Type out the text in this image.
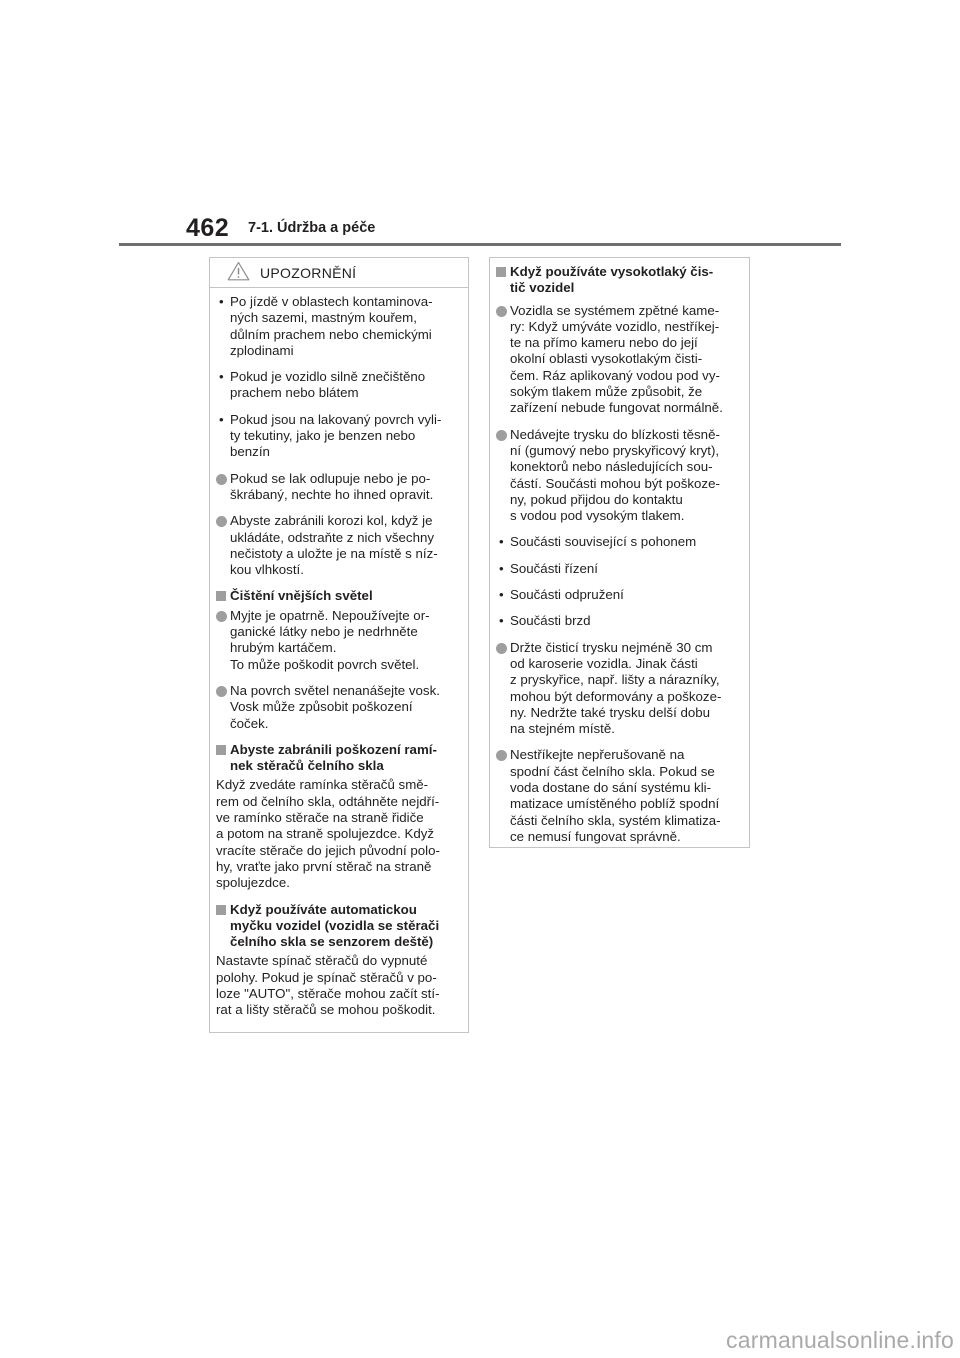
462 7-1. Údržba a péče
UPOZORNĚNÍ

• Po jízdě v oblastech kontaminova-

ných sazemi, mastným kouřem,

důlním prachem nebo chemickými

zplodinami

• Pokud je vozidlo silně znečištěno

prachem nebo blátem

• Pokud jsou na lakovaný povrch vyli-

ty tekutiny, jako je benzen nebo

benzín

Pokud se lak odlupuje nebo je po-

škrábaný, nechte ho ihned opravit.

Abyste zabránili korozi kol, když je

ukládáte, odstraňte z nich všechny

nečistoty a uložte je na místě s níz-

kou vlhkostí.

Čištění vnějších světel

Myjte je opatrně. Nepoužívejte or-

ganické látky nebo je nedrhněte

hrubým kartáčem.

To může poškodit povrch světel.

Na povrch světel nenanášejte vosk.

Vosk může způsobit poškození

čoček.

Abyste zabránili poškození ramí-

nek stěračů čelního skla

Když zvedáte ramínka stěračů smě-

rem od čelního skla, odtáhněte nejdří-

ve ramínko stěrače na straně řidiče

a potom na straně spolujezdce. Když

vracíte stěrače do jejich původní polo-

hy, vraťte jako první stěrač na straně

spolujezdce.

Když používáte automatickou

myčku vozidel (vozidla se stěrači

čelního skla se senzorem deště)

Nastavte spínač stěračů do vypnuté

polohy. Pokud je spínač stěračů v po-

loze "AUTO", stěrače mohou začít stí-

rat a lišty stěračů se mohou poškodit.

Když používáte vysokotlaký čis-

tič vozidel

Vozidla se systémem zpětné kame-

ry: Když umýváte vozidlo, nestříkej-

te na přímo kameru nebo do její

okolní oblasti vysokotlakým čisti-

čem. Ráz aplikovaný vodou pod vy-

sokým tlakem může způsobit, že

zařízení nebude fungovat normálně.

Nedávejte trysku do blízkosti těsně-

ní (gumový nebo pryskyřicový kryt),

konektorů nebo následujících sou-

částí. Součásti mohou být poškoze-

ny, pokud přijdou do kontaktu

s vodou pod vysokým tlakem.

• Součásti související s pohonem

• Součásti řízení

• Součásti odpružení

• Součásti brzd

Držte čisticí trysku nejméně 30 cm

od karoserie vozidla. Jinak části

z pryskyřice, např. lišty a nárazníky,

mohou být deformovány a poškoze-

ny. Nedržte také trysku delší dobu

na stejném místě.

Nestříkejte nepřerušovaně na

spodní část čelního skla. Pokud se

voda dostane do sání systému kli-

matizace umístěného poblíž spodní

části čelního skla, systém klimatiza-

ce nemusí fungovat správně.

carmanualsonline.info
